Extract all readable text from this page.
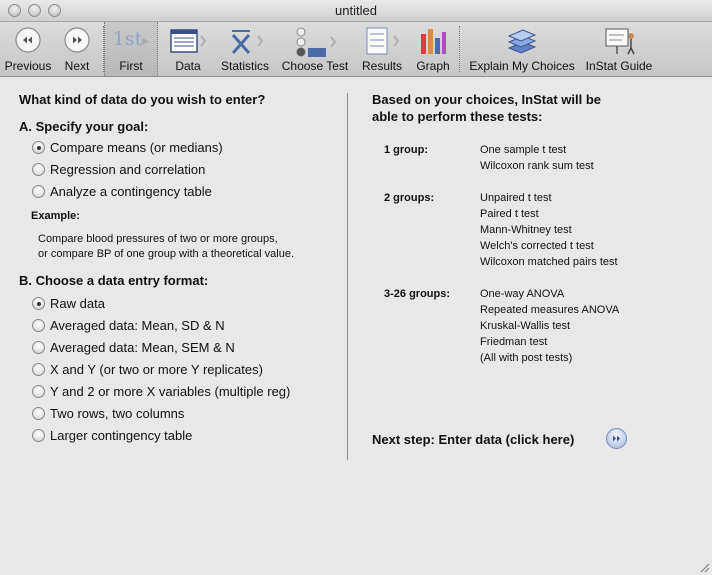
untitled
Previous	Next
1st▸
First	Data	Statistics	Choose Test	Results	Graph	Explain My Choices InStat Guide
What kind of data do you wish to enter?
A. Specify your goal:
Compare means (or medians)
Regression and correlation
Analyze a contingency table
Example:
Compare blood pressures of two or more groups,
or compare BP of one group with a theoretical value.
B. Choose a data entry format:
Raw data
Averaged data: Mean, SD & N
Averaged data: Mean, SEM & N
X and Y (or two or more Y replicates)
Y and 2 or more X variables (multiple reg)
Two rows, two columns
Larger contingency table
Based on your choices, InStat will be
able to perform these tests:
1 group:	One sample t test
Wilcoxon rank sum test
2 groups:	Unpaired t test
Paired t test
Mann-Whitney test
Welch's corrected t test
Wilcoxon matched pairs test
3-26 groups:	One-way ANOVA
Repeated measures ANOVA
Kruskal-Wallis test
Friedman test
(All with post tests)
Next step: Enter data (click here)
